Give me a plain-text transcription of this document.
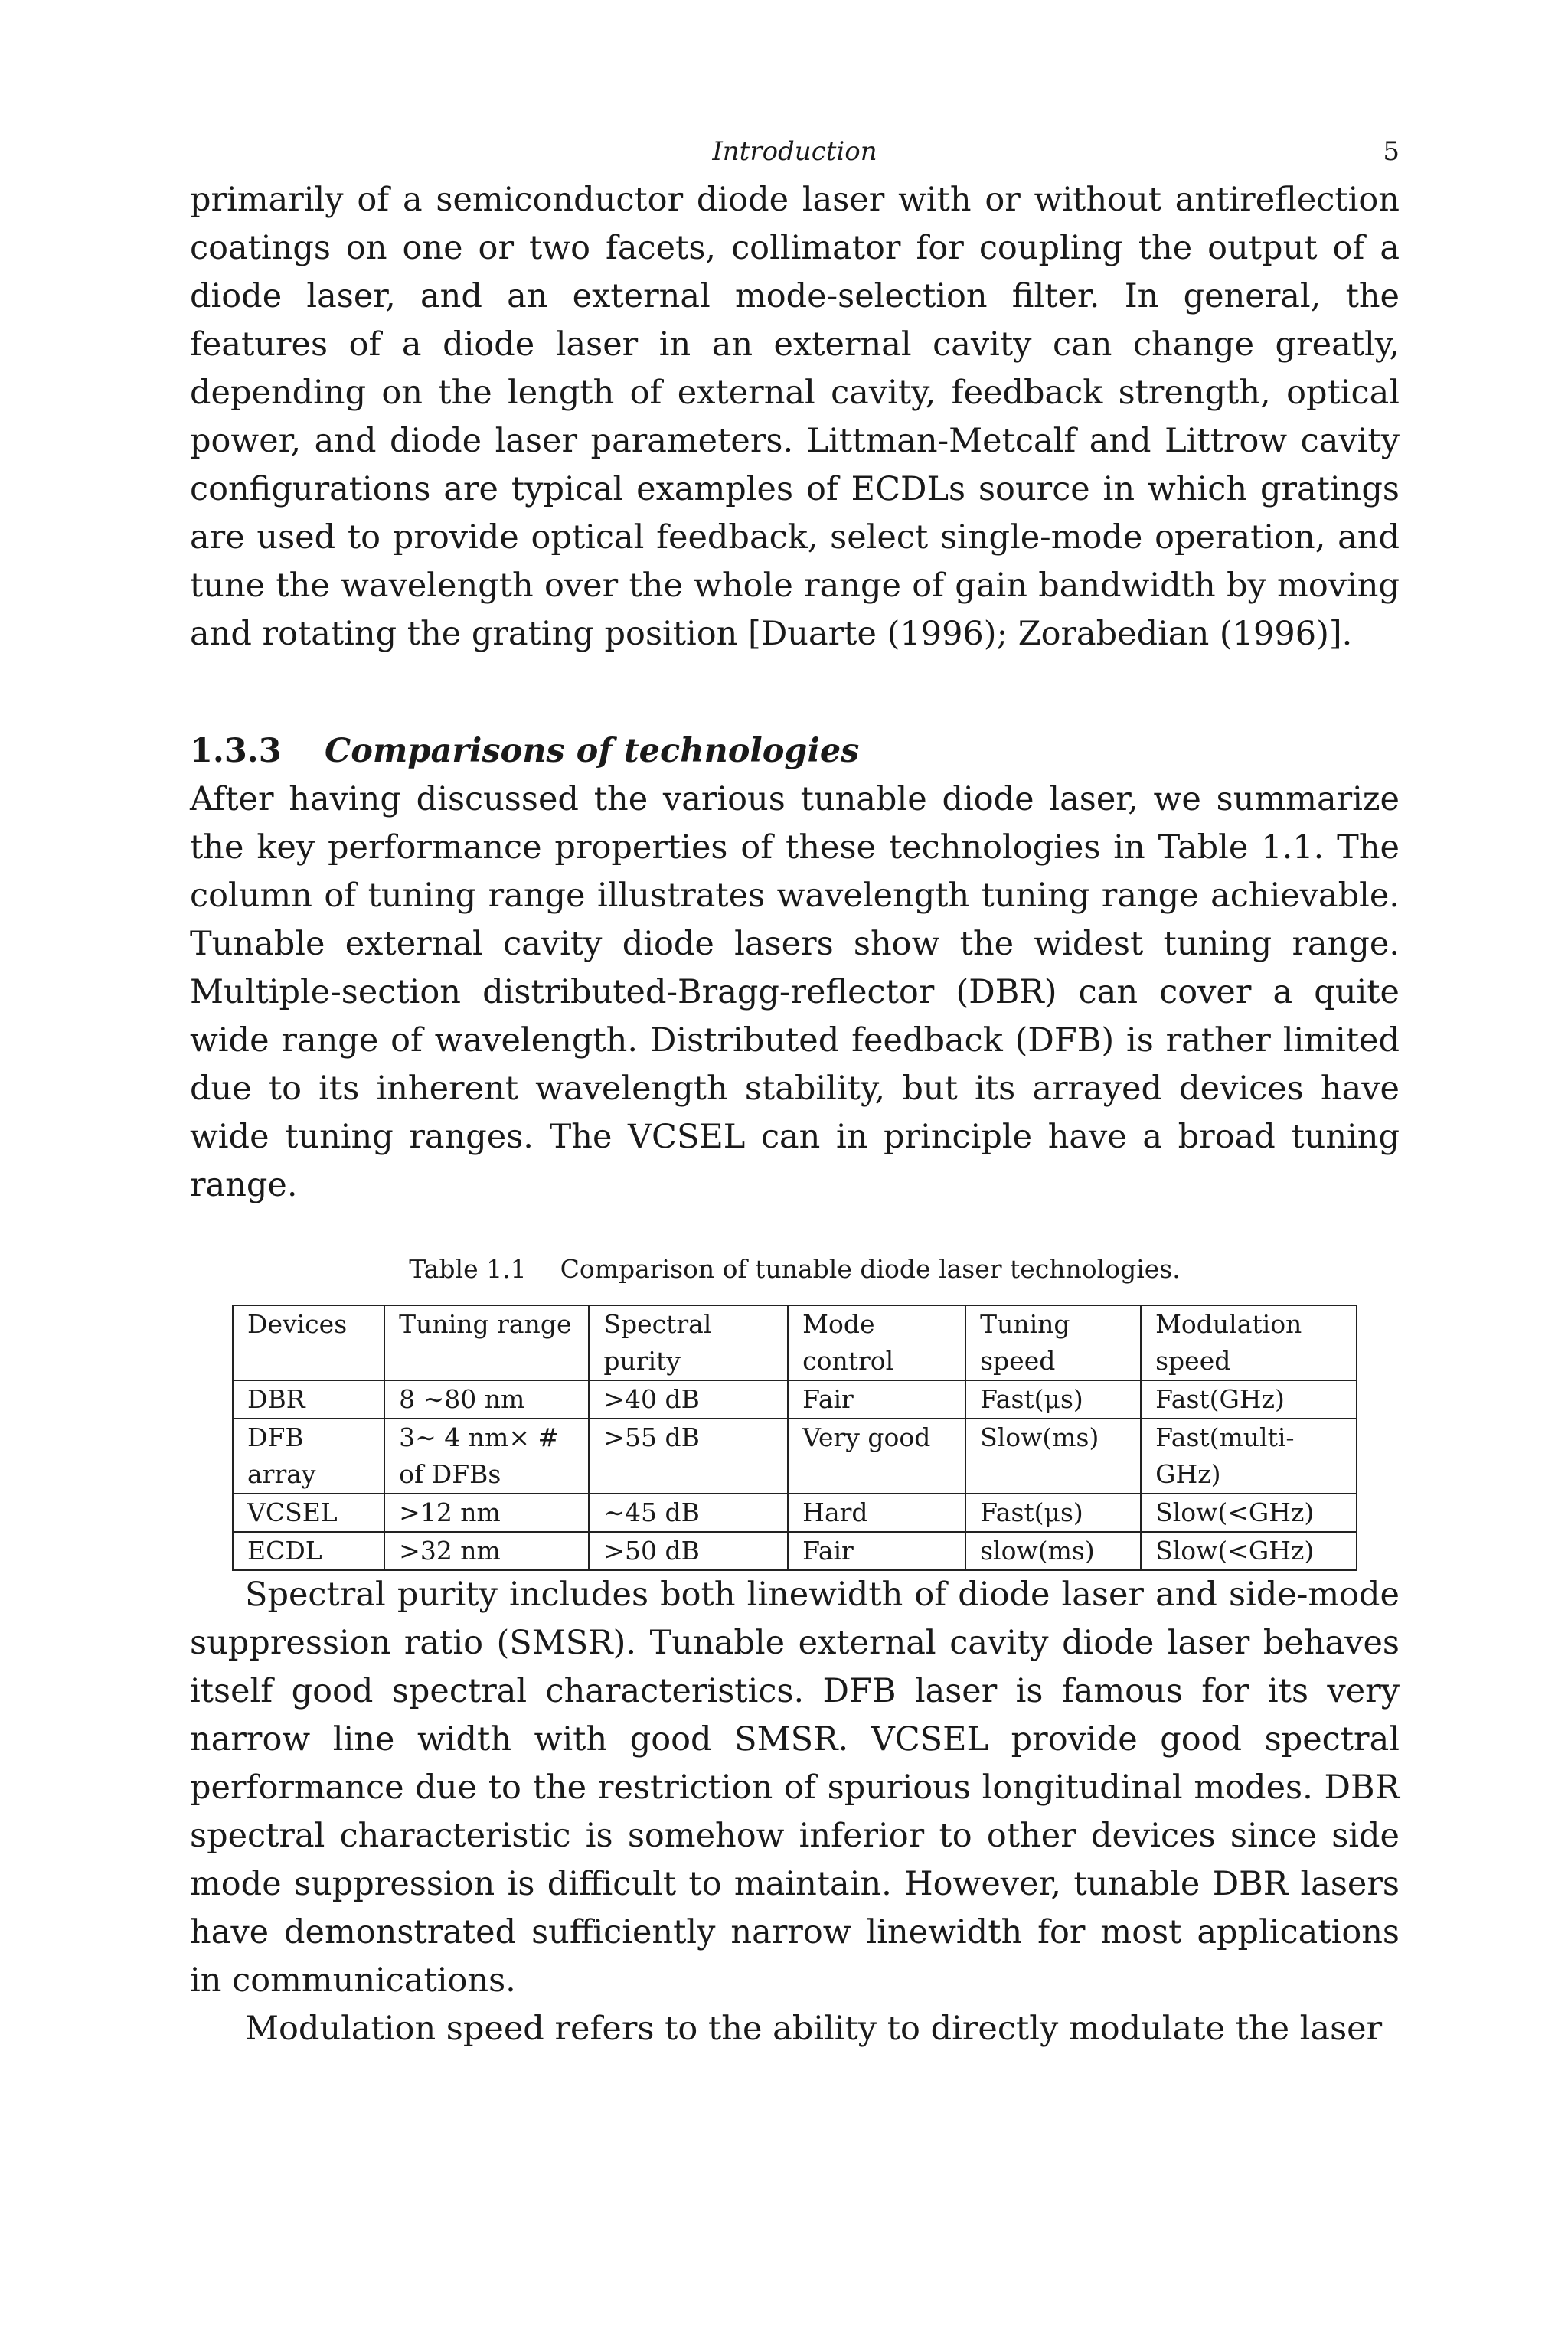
Introduction	5

primarily of a semiconductor diode laser with or without antireflection coatings on one or two facets, collimator for coupling the output of a diode laser, and an external mode-selection filter. In general, the features of a diode laser in an external cavity can change greatly, depending on the length of external cavity, feedback strength, optical power, and diode laser parameters. Littman-Metcalf and Littrow cavity configurations are typical examples of ECDLs source in which gratings are used to provide optical feedback, select single-mode operation, and tune the wavelength over the whole range of gain bandwidth by moving and rotating the grating position [Duarte (1996); Zorabedian (1996)].

1.3.3 Comparisons of technologies

After having discussed the various tunable diode laser, we summarize the key performance properties of these technologies in Table 1.1. The column of tuning range illustrates wavelength tuning range achievable. Tunable external cavity diode lasers show the widest tuning range. Multiple-section distributed-Bragg-reflector (DBR) can cover a quite wide range of wavelength. Distributed feedback (DFB) is rather limited due to its inherent wavelength stability, but its arrayed devices have wide tuning ranges. The VCSEL can in principle have a broad tuning range.

Table 1.1 Comparison of tunable diode laser technologies.
Devices	Tuning range	Spectral purity	Mode control	Tuning speed	Modulation speed
DBR	8 ∼80 nm	>40 dB	Fair	Fast(μs)	Fast(GHz)
DFB array	3∼ 4 nm× # of DFBs	>55 dB	Very good	Slow(ms)	Fast(multi-GHz)
VCSEL	>12 nm	∼45 dB	Hard	Fast(μs)	Slow(<GHz)
ECDL	>32 nm	>50 dB	Fair	slow(ms)	Slow(<GHz)

Spectral purity includes both linewidth of diode laser and side-mode suppression ratio (SMSR). Tunable external cavity diode laser behaves itself good spectral characteristics. DFB laser is famous for its very narrow line width with good SMSR. VCSEL provide good spectral performance due to the restriction of spurious longitudinal modes. DBR spectral characteristic is somehow inferior to other devices since side mode suppression is difficult to maintain. However, tunable DBR lasers have demonstrated sufficiently narrow linewidth for most applications in communications.

Modulation speed refers to the ability to directly modulate the laser
